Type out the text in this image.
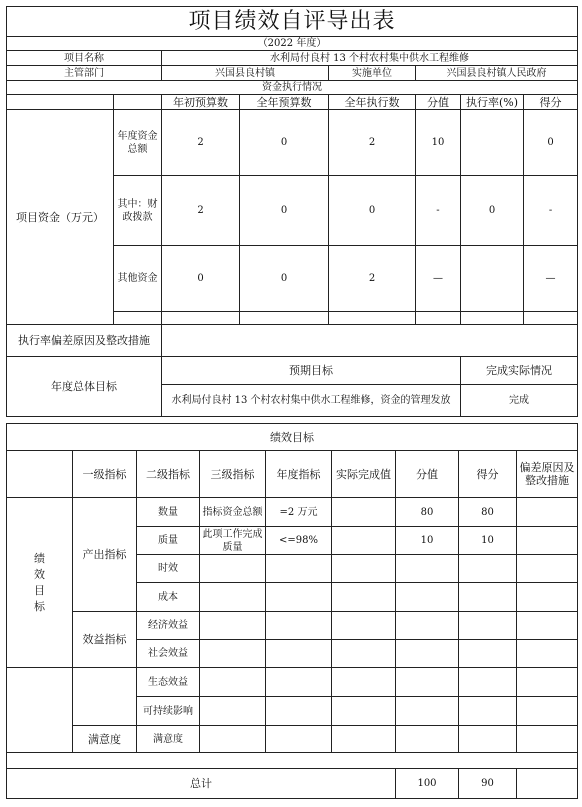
项目绩效自评导出表
（2022 年度）							
项目名称		水利局付良村 13 个村农村集中供水工程维修					
主管部门		兴国县良村镇		实施单位	兴国县良村镇人民政府		
资金执行情况							
		年初预算数	全年预算数	全年执行数	分值	执行率(%)	得分
项目资金（万元）	年度资金总额	2	0	2	10		0
	其中：财政拨款	2	0	0	-	0	-
	其他资金	0	0	2	—		—

执行率偏差原因及整改措施							
年度总体目标		预期目标				完成实际情况	
		水利局付良村 13 个村农村集中供水工程维修，资金的管理发放				完成	
绩效目标								
	一级指标	二级指标	三级指标	年度指标	实际完成值	分值	得分	偏差原因及整改措施
绩效目标	产出指标	数量	指标资金总额	=2 万元		80	80	
		质量	此项工作完成质量	<=98%		10	10	
		时效						
		成本						
	效益指标	经济效益						
		社会效益						
		生态效益						
		可持续影响						
	满意度	满意度						

总计						100	90	
